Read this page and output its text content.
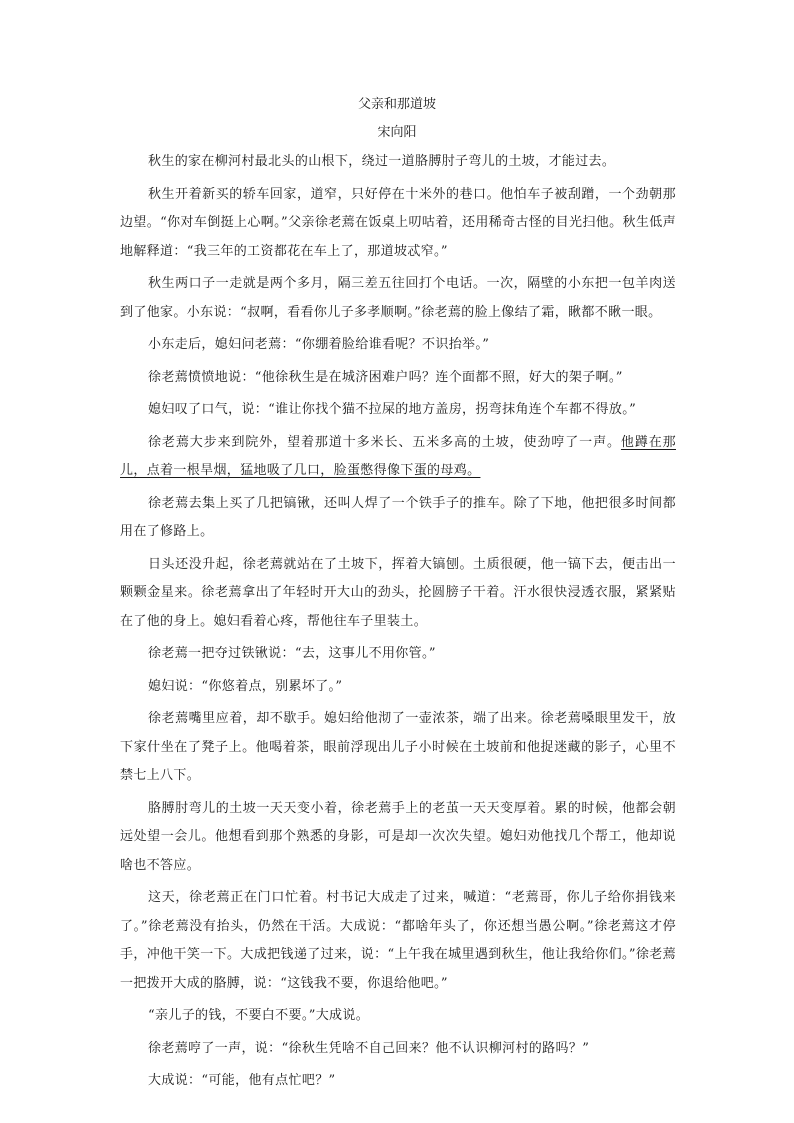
父亲和那道坡
宋向阳

秋生的家在柳河村最北头的山根下，绕过一道胳膊肘子弯儿的土坡，才能过去。

秋生开着新买的轿车回家，道窄，只好停在十米外的巷口。他怕车子被刮蹭，一个劲朝那边望。“你对车倒挺上心啊。”父亲徐老蔫在饭桌上叨咕着，还用稀奇古怪的目光扫他。秋生低声地解释道：“我三年的工资都花在车上了，那道坡忒窄。”

秋生两口子一走就是两个多月，隔三差五往回打个电话。一次，隔壁的小东把一包羊肉送到了他家。小东说：“叔啊，看看你儿子多孝顺啊。”徐老蔫的脸上像结了霜，瞅都不瞅一眼。

小东走后，媳妇问老蔫：“你绷着脸给谁看呢？不识抬举。”

徐老蔫愤愤地说：“他徐秋生是在城济困难户吗？连个面都不照，好大的架子啊。”

媳妇叹了口气，说：“谁让你找个猫不拉屎的地方盖房，拐弯抹角连个车都不得放。”

徐老蔫大步来到院外，望着那道十多米长、五米多高的土坡，使劲哼了一声。他蹲在那儿，点着一根旱烟，猛地吸了几口，脸蛋憋得像下蛋的母鸡。

徐老蔫去集上买了几把镐锹，还叫人焊了一个铁手子的推车。除了下地，他把很多时间都用在了修路上。

日头还没升起，徐老蔫就站在了土坡下，挥着大镐刨。土质很硬，他一镐下去，便击出一颗颗金星来。徐老蔫拿出了年轻时开大山的劲头，抡圆膀子干着。汗水很快浸透衣服，紧紧贴在了他的身上。媳妇看着心疼，帮他往车子里装土。

徐老蔫一把夺过铁锹说：“去，这事儿不用你管。”

媳妇说：“你悠着点，别累坏了。”

徐老蔫嘴里应着，却不歇手。媳妇给他沏了一壶浓茶，端了出来。徐老蔫嗓眼里发干，放下家什坐在了凳子上。他喝着茶，眼前浮现出儿子小时候在土坡前和他捉迷藏的影子，心里不禁七上八下。

胳膊肘弯儿的土坡一天天变小着，徐老蔫手上的老茧一天天变厚着。累的时候，他都会朝远处望一会儿。他想看到那个熟悉的身影，可是却一次次失望。媳妇劝他找几个帮工，他却说啥也不答应。

这天，徐老蔫正在门口忙着。村书记大成走了过来，喊道：“老蔫哥，你儿子给你捐钱来了。”徐老蔫没有抬头，仍然在干活。大成说：“都啥年头了，你还想当愚公啊。”徐老蔫这才停手，冲他干笑一下。大成把钱递了过来，说：“上午我在城里遇到秋生，他让我给你们。”徐老蔫一把拨开大成的胳膊，说：“这钱我不要，你退给他吧。”

“亲儿子的钱，不要白不要。”大成说。

徐老蔫哼了一声，说：“徐秋生凭啥不自己回来？他不认识柳河村的路吗？”

大成说：“可能，他有点忙吧？”
